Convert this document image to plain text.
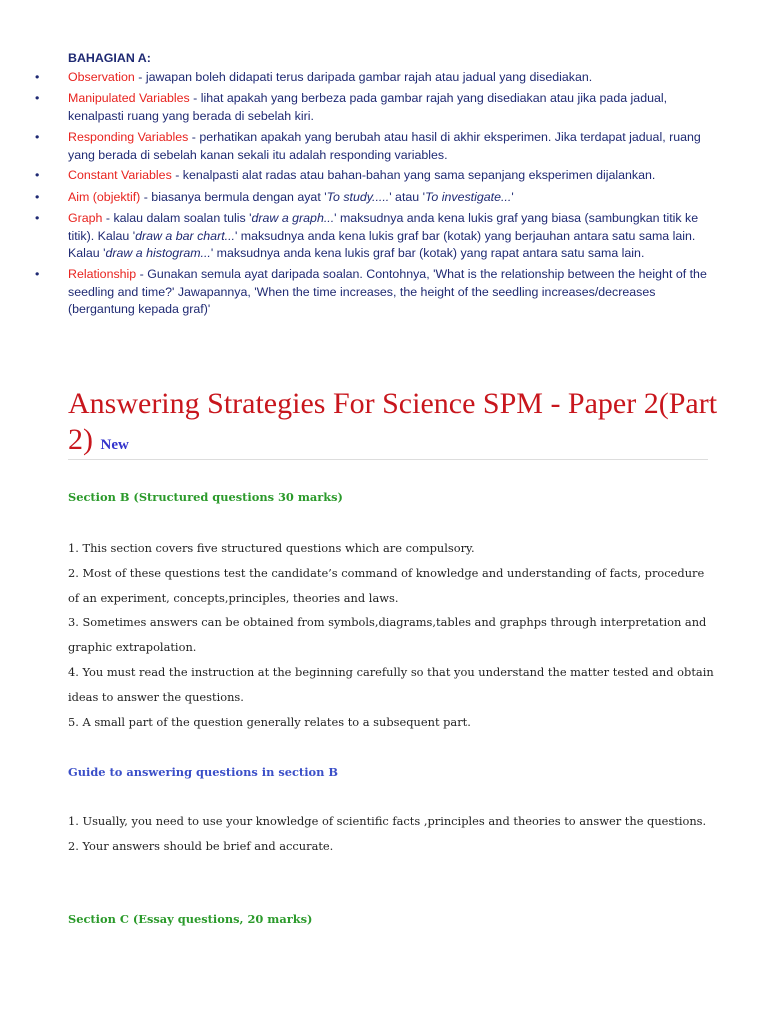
BAHAGIAN A:
• Observation - jawapan boleh didapati terus daripada gambar rajah atau jadual yang disediakan.
• Manipulated Variables - lihat apakah yang berbeza pada gambar rajah yang disediakan atau jika pada jadual, kenalpasti ruang yang berada di sebelah kiri.
• Responding Variables - perhatikan apakah yang berubah atau hasil di akhir eksperimen. Jika terdapat jadual, ruang yang berada di sebelah kanan sekali itu adalah responding variables.
• Constant Variables - kenalpasti alat radas atau bahan-bahan yang sama sepanjang eksperimen dijalankan.
• Aim (objektif) - biasanya bermula dengan ayat 'To study.....' atau 'To investigate...'
• Graph - kalau dalam soalan tulis 'draw a graph...' maksudnya anda kena lukis graf yang biasa (sambungkan titik ke titik). Kalau 'draw a bar chart...' maksudnya anda kena lukis graf bar (kotak) yang berjauhan antara satu sama lain. Kalau 'draw a histogram...' maksudnya anda kena lukis graf bar (kotak) yang rapat antara satu sama lain.
• Relationship - Gunakan semula ayat daripada soalan. Contohnya, 'What is the relationship between the height of the seedling and time?' Jawapannya, 'When the time increases, the height of the seedling increases/decreases (bergantung kepada graf)'
Answering Strategies For Science SPM - Paper 2(Part 2) New
Section B (Structured questions 30 marks)
1. This section covers five structured questions which are compulsory.
2. Most of these questions test the candidate’s command of knowledge and understanding of facts, procedure of an experiment, concepts,principles, theories and laws.
3. Sometimes answers can be obtained from symbols,diagrams,tables and graphps through interpretation and graphic extrapolation.
4. You must read the instruction at the beginning carefully so that you understand the matter tested and obtain ideas to answer the questions.
5. A small part of the question generally relates to a subsequent part.
Guide to answering questions in section B
1. Usually, you need to use your knowledge of scientific facts ,principles and theories to answer the questions.
2. Your answers should be brief and accurate.
Section C (Essay questions, 20 marks)
